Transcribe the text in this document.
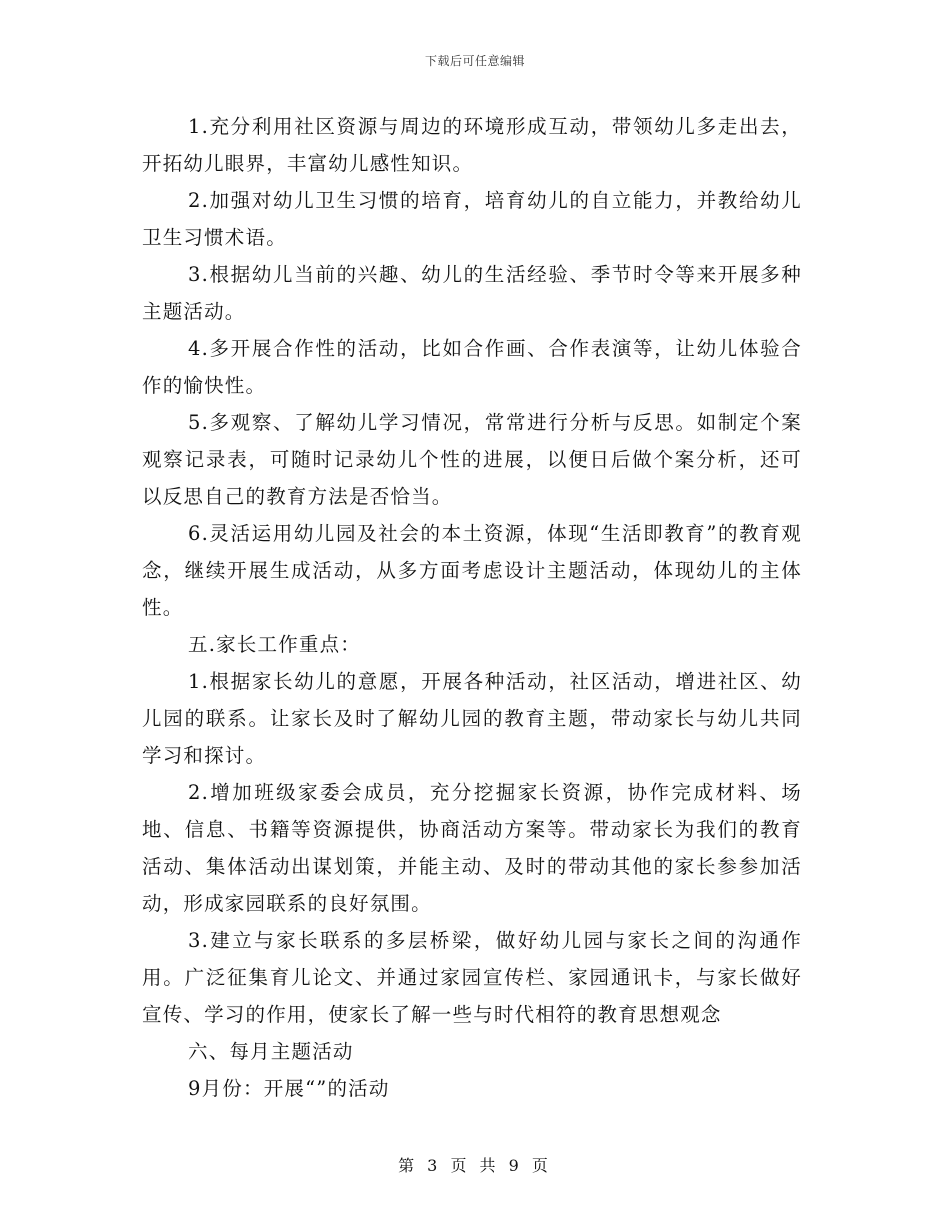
下载后可任意编辑

1.充分利用社区资源与周边的环境形成互动，带领幼儿多走出去，开拓幼儿眼界，丰富幼儿感性知识。

2.加强对幼儿卫生习惯的培育，培育幼儿的自立能力，并教给幼儿卫生习惯术语。

3.根据幼儿当前的兴趣、幼儿的生活经验、季节时令等来开展多种主题活动。

4.多开展合作性的活动，比如合作画、合作表演等，让幼儿体验合作的愉快性。

5.多观察、了解幼儿学习情况，常常进行分析与反思。如制定个案观察记录表，可随时记录幼儿个性的进展，以便日后做个案分析，还可以反思自己的教育方法是否恰当。

6.灵活运用幼儿园及社会的本土资源，体现“生活即教育”的教育观念，继续开展生成活动，从多方面考虑设计主题活动，体现幼儿的主体性。

五.家长工作重点：

1.根据家长幼儿的意愿，开展各种活动，社区活动，增进社区、幼儿园的联系。让家长及时了解幼儿园的教育主题，带动家长与幼儿共同学习和探讨。

2.增加班级家委会成员，充分挖掘家长资源，协作完成材料、场地、信息、书籍等资源提供，协商活动方案等。带动家长为我们的教育活动、集体活动出谋划策，并能主动、及时的带动其他的家长参参加活动，形成家园联系的良好氛围。

3.建立与家长联系的多层桥梁，做好幼儿园与家长之间的沟通作用。广泛征集育儿论文、并通过家园宣传栏、家园通讯卡，与家长做好宣传、学习的作用，使家长了解一些与时代相符的教育思想观念

六、每月主题活动

9月份：开展“”的活动

第 3 页 共 9 页
